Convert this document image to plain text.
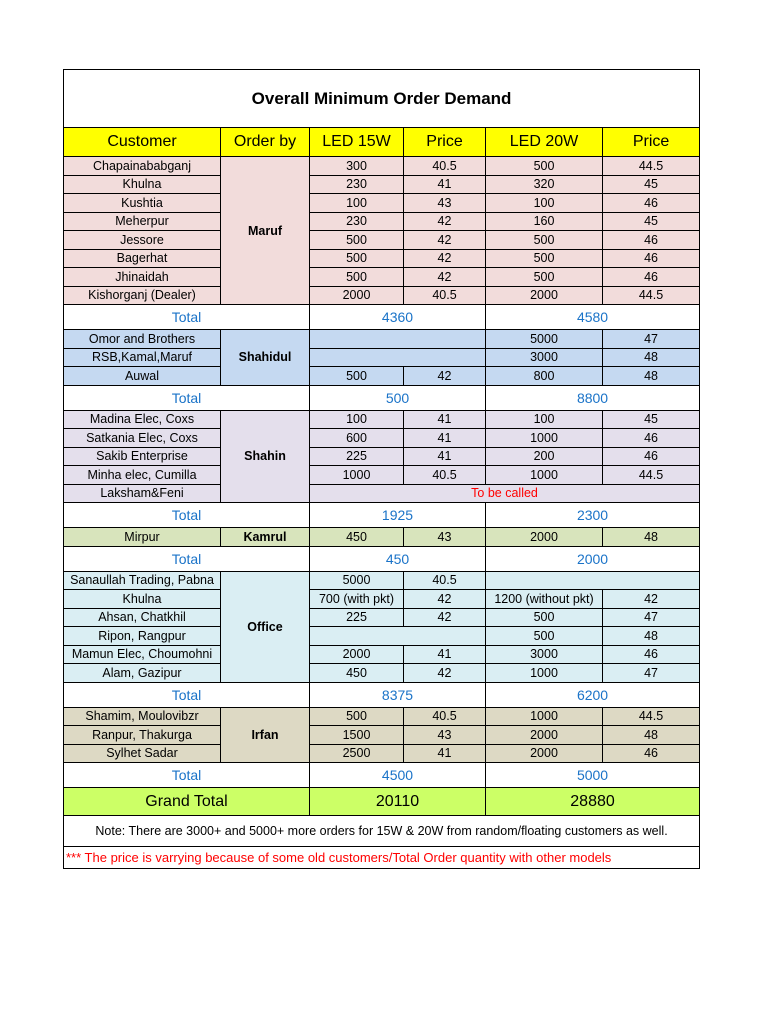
Overall Minimum Order Demand					
Customer	Order by	LED 15W	Price	LED 20W	Price
Chapainababganj	Maruf	300	40.5	500	44.5
Khulna		230	41	320	45
Kushtia		100	43	100	46
Meherpur		230	42	160	45
Jessore		500	42	500	46
Bagerhat		500	42	500	46
Jhinaidah		500	42	500	46
Kishorganj (Dealer)		2000	40.5	2000	44.5
Total		4360		4580	
Omor and Brothers	Shahidul			5000	47
RSB,Kamal,Maruf				3000	48
Auwal		500	42	800	48
Total		500		8800	
Madina Elec, Coxs	Shahin	100	41	100	45
Satkania Elec, Coxs		600	41	1000	46
Sakib Enterprise		225	41	200	46
Minha elec, Cumilla		1000	40.5	1000	44.5
Laksham&Feni		To be called			
Total		1925		2300	
Mirpur	Kamrul	450	43	2000	48
Total		450		2000	
Sanaullah Trading, Pabna	Office	5000	40.5		
Khulna		700 (with pkt)	42	1200 (without pkt)	42
Ahsan, Chatkhil		225	42	500	47
Ripon, Rangpur				500	48
Mamun Elec, Choumohni		2000	41	3000	46
Alam, Gazipur		450	42	1000	47
Total		8375		6200	
Shamim, Moulovibzr	Irfan	500	40.5	1000	44.5
Ranpur, Thakurga		1500	43	2000	48
Sylhet Sadar		2500	41	2000	46
Total		4500		5000	
Grand Total		20110		28880	
Note: There are 3000+ and 5000+ more orders for 15W & 20W from random/floating customers as well.					
*** The price is varrying because of some old customers/Total Order quantity with other models					
